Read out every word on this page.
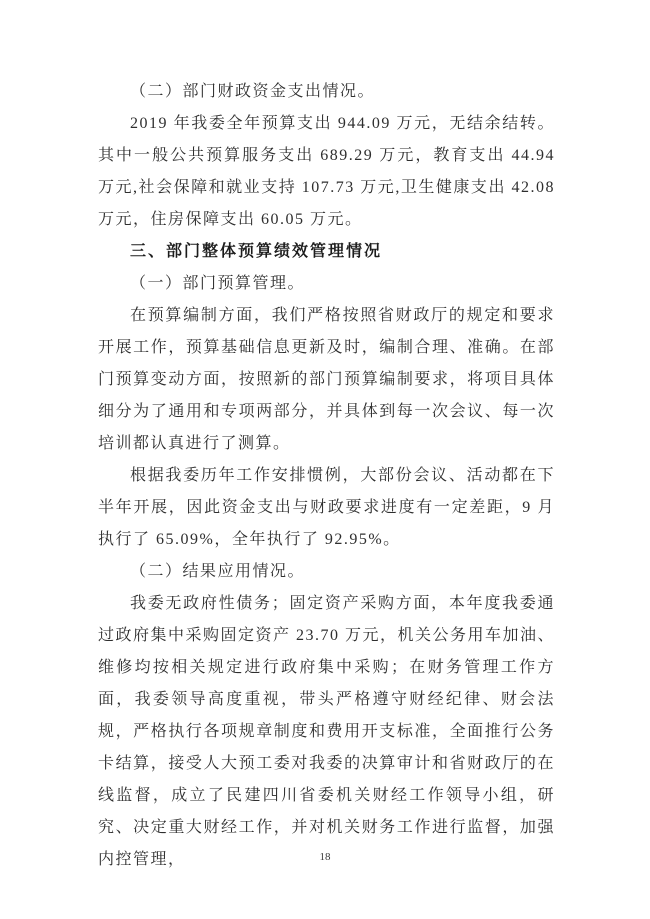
（二）部门财政资金支出情况。

2019 年我委全年预算支出 944.09 万元，无结余结转。其中一般公共预算服务支出 689.29 万元，教育支出 44.94 万元,社会保障和就业支持 107.73 万元,卫生健康支出 42.08 万元，住房保障支出 60.05 万元。

三、部门整体预算绩效管理情况

（一）部门预算管理。

在预算编制方面，我们严格按照省财政厅的规定和要求开展工作，预算基础信息更新及时，编制合理、准确。在部门预算变动方面，按照新的部门预算编制要求，将项目具体细分为了通用和专项两部分，并具体到每一次会议、每一次培训都认真进行了测算。

根据我委历年工作安排惯例，大部份会议、活动都在下半年开展，因此资金支出与财政要求进度有一定差距，9 月执行了 65.09%，全年执行了 92.95%。

（二）结果应用情况。

我委无政府性债务；固定资产采购方面，本年度我委通过政府集中采购固定资产 23.70 万元，机关公务用车加油、维修均按相关规定进行政府集中采购；在财务管理工作方面，我委领导高度重视，带头严格遵守财经纪律、财会法规，严格执行各项规章制度和费用开支标准，全面推行公务卡结算，接受人大预工委对我委的决算审计和省财政厅的在线监督，成立了民建四川省委机关财经工作领导小组，研究、决定重大财经工作，并对机关财务工作进行监督，加强内控管理，	18
